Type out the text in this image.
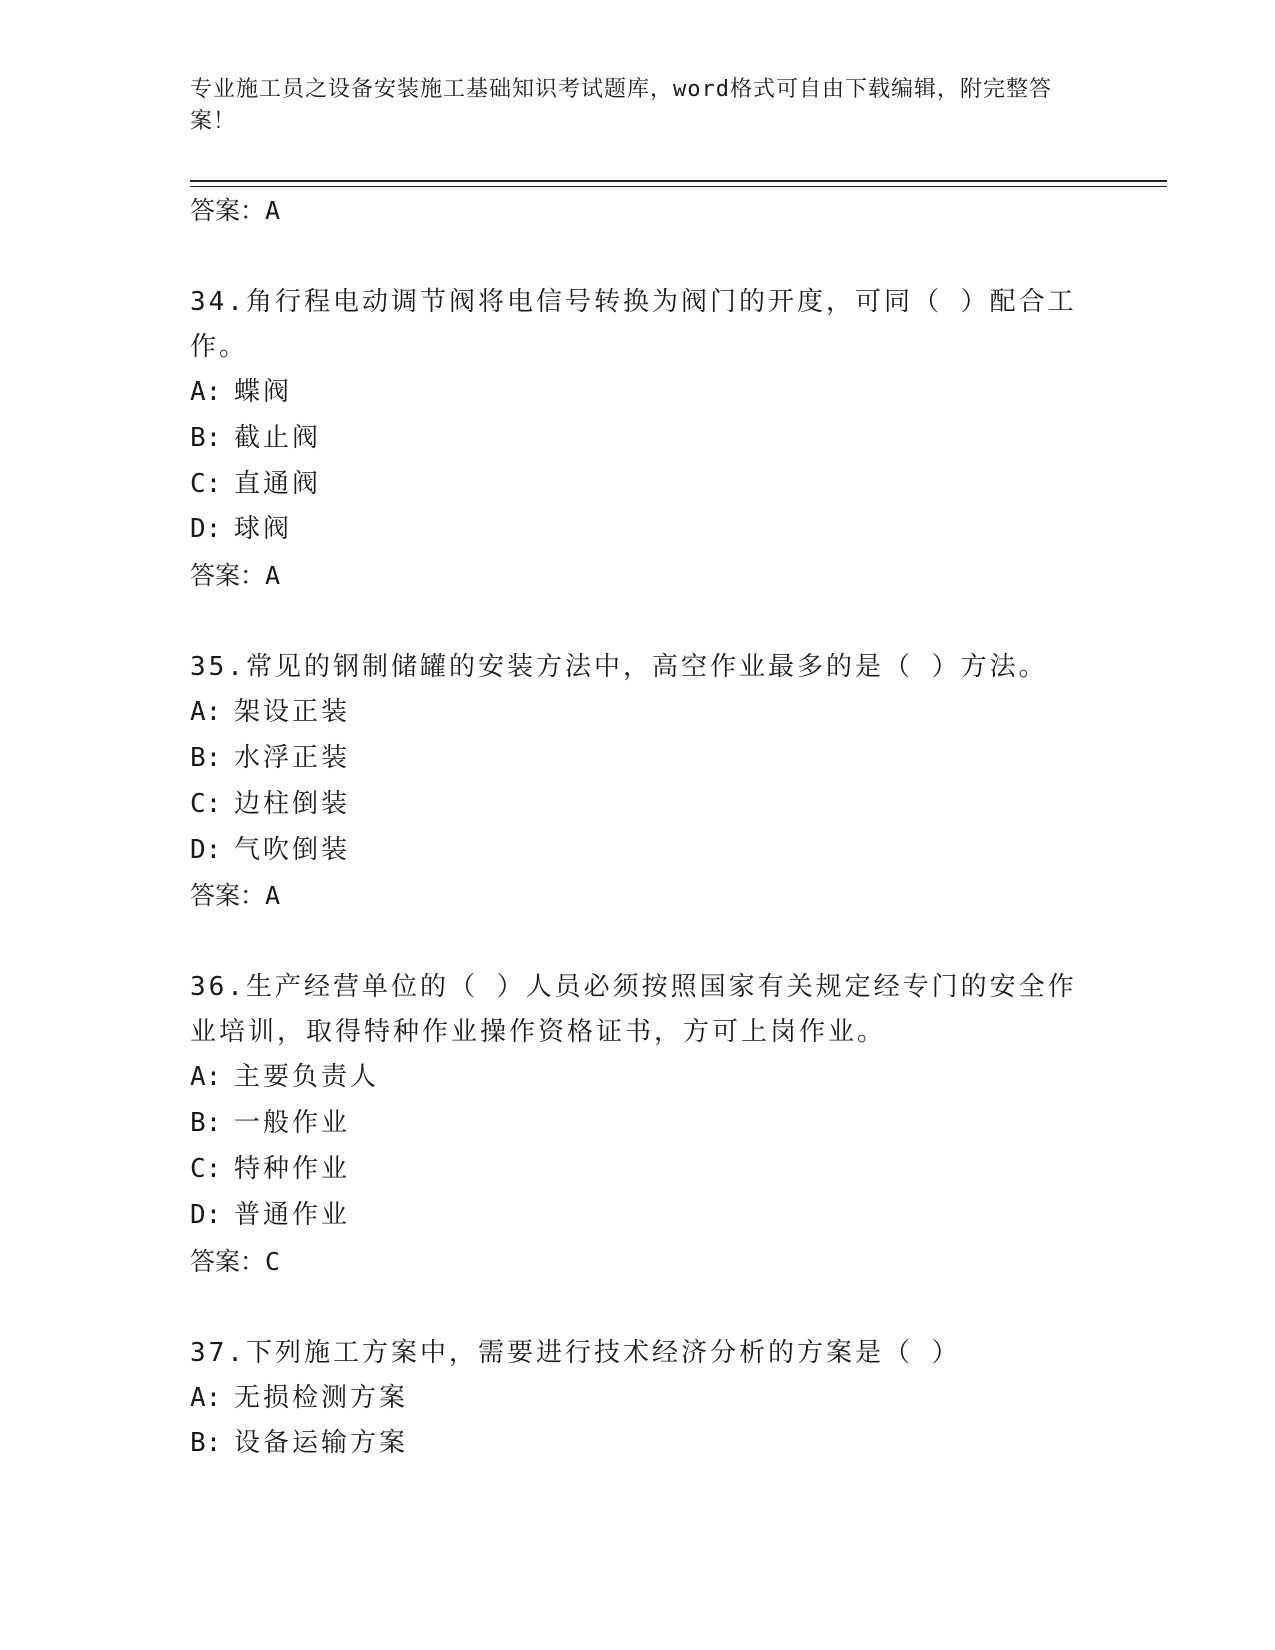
专业施工员之设备安装施工基础知识考试题库，word格式可自由下载编辑，附完整答案！
答案：A
34.角行程电动调节阀将电信号转换为阀门的开度，可同（ ）配合工作。
A: 蝶阀
B: 截止阀
C: 直通阀
D: 球阀
答案：A
35.常见的钢制储罐的安装方法中，高空作业最多的是（ ）方法。
A: 架设正装
B: 水浮正装
C: 边柱倒装
D: 气吹倒装
答案：A
36.生产经营单位的（ ）人员必须按照国家有关规定经专门的安全作业培训，取得特种作业操作资格证书，方可上岗作业。
A: 主要负责人
B: 一般作业
C: 特种作业
D: 普通作业
答案：C
37.下列施工方案中，需要进行技术经济分析的方案是（ ）
A: 无损检测方案
B: 设备运输方案
